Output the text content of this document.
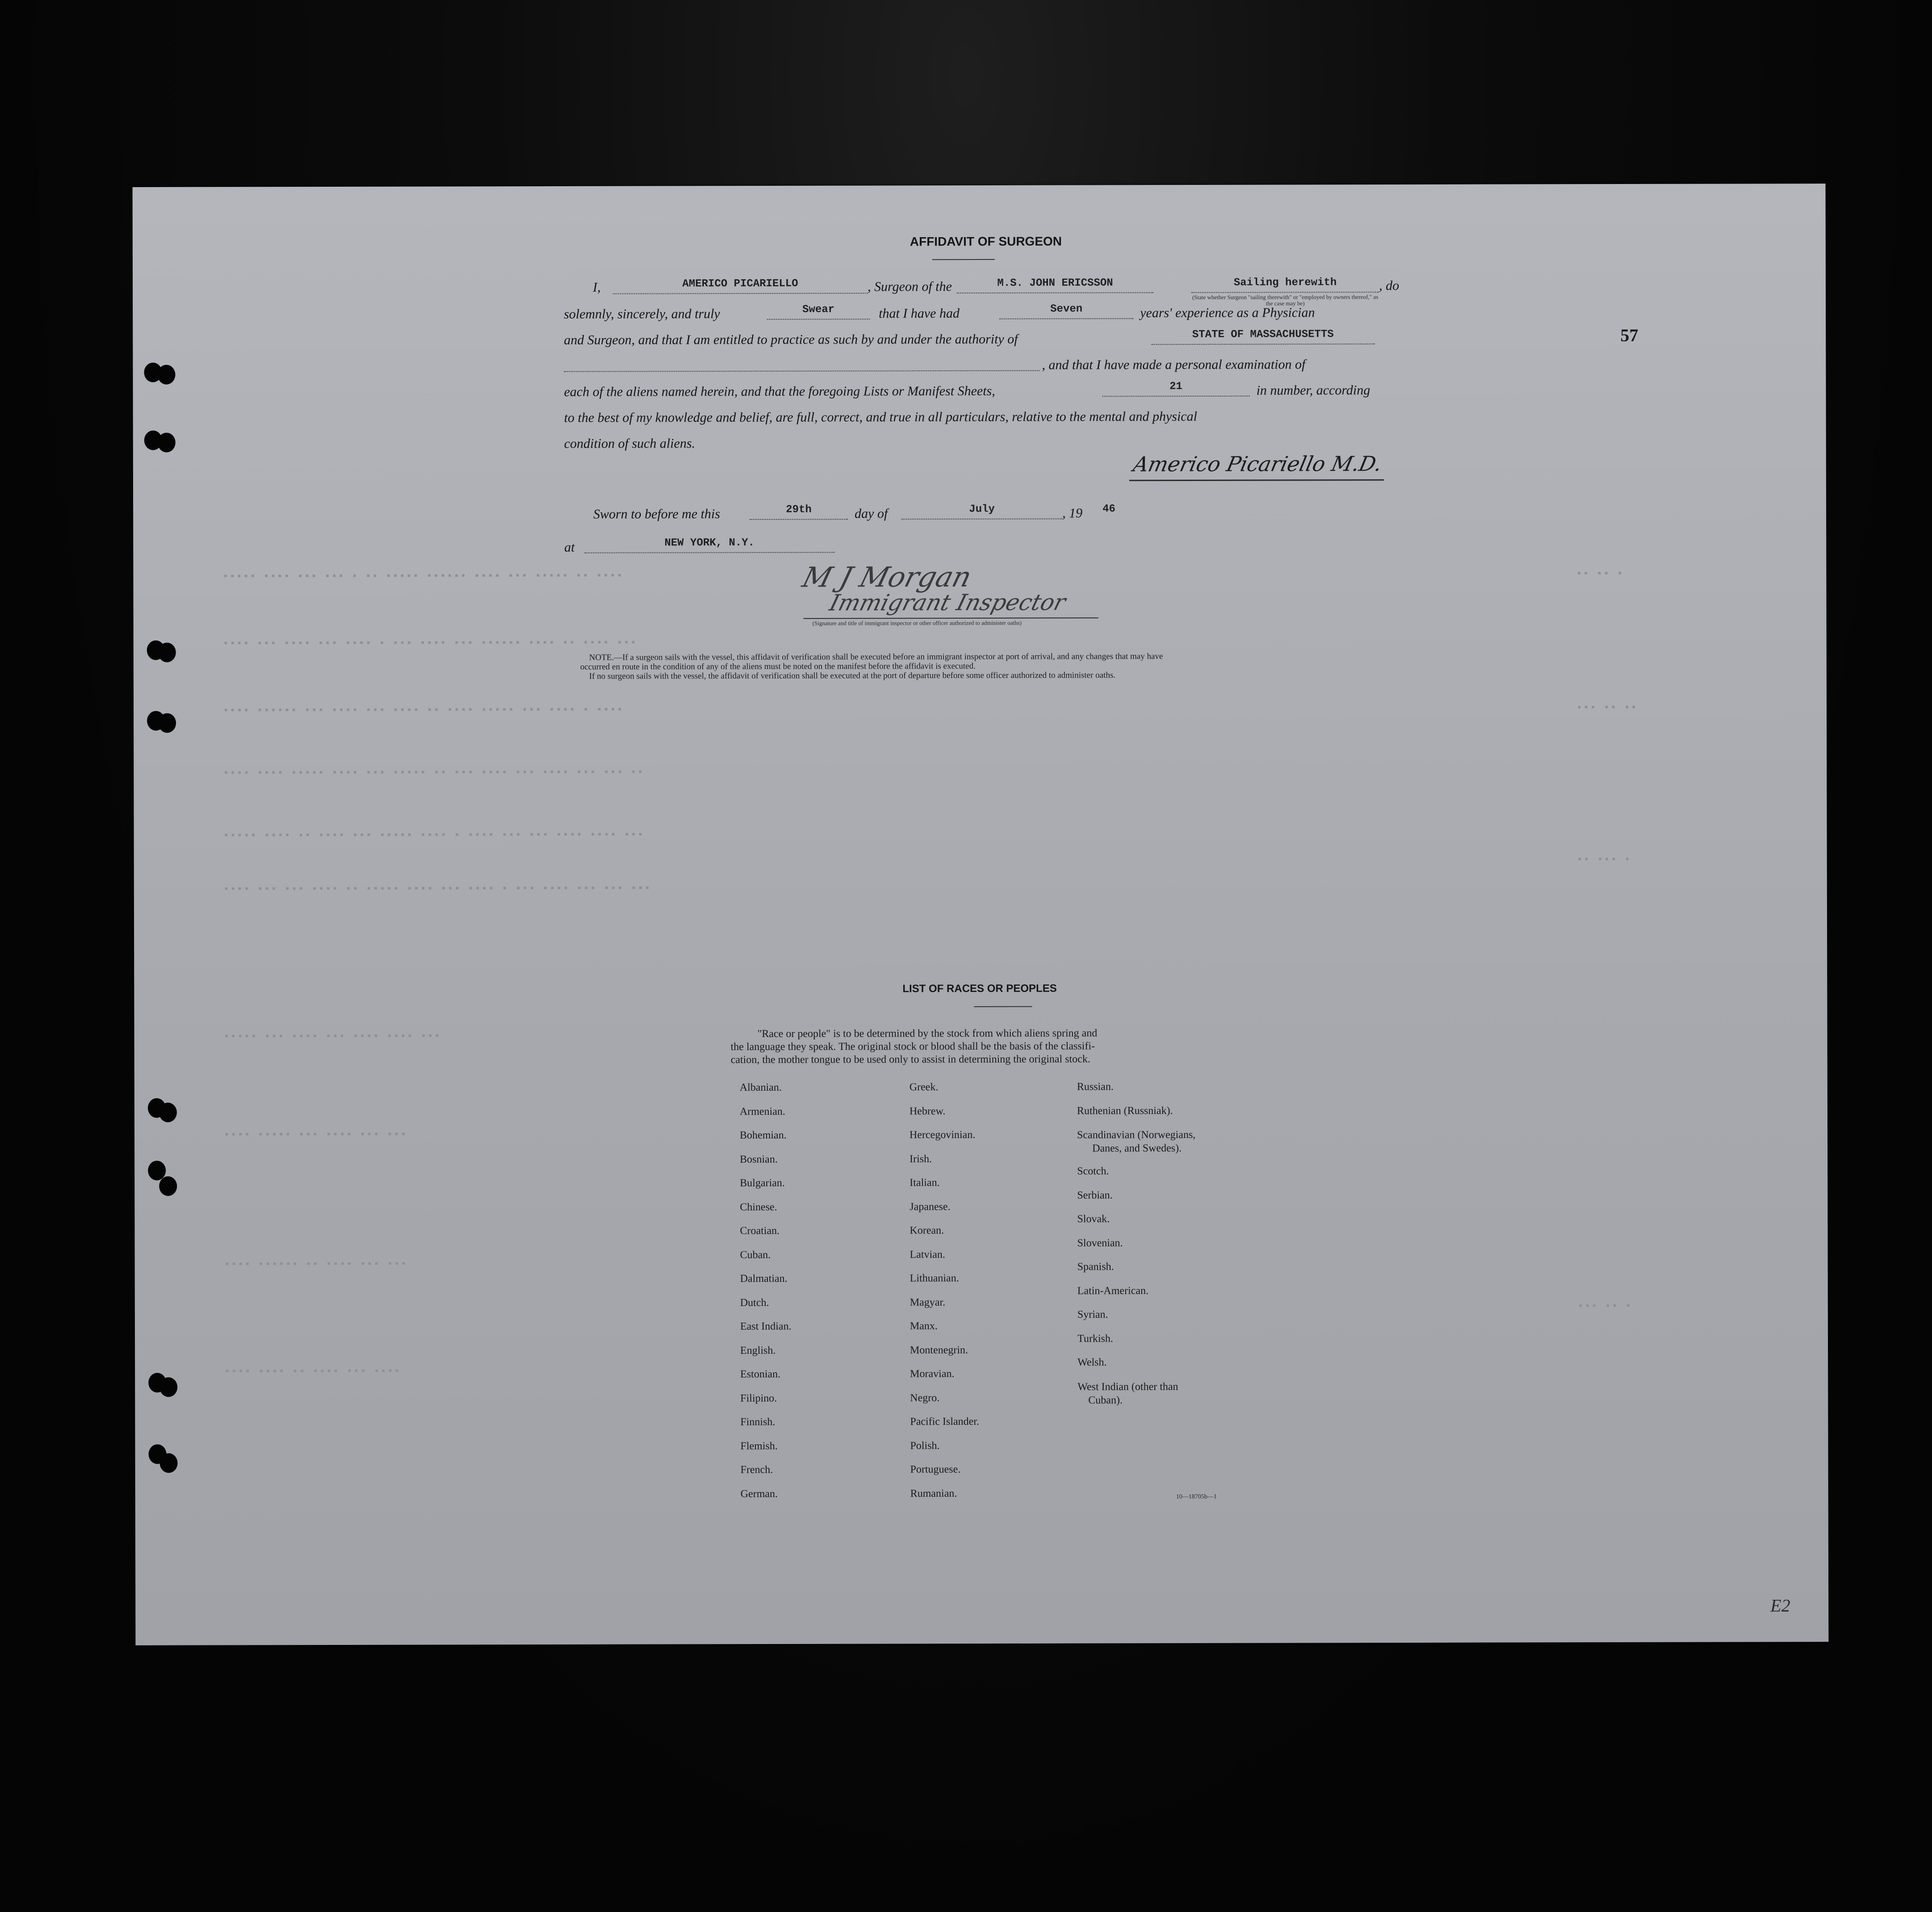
▪▪▪▪▪ ▪▪▪▪ ▪▪▪ ▪▪▪ ▪ ▪▪ ▪▪▪▪▪ ▪▪▪▪▪▪ ▪▪▪▪ ▪▪▪ ▪▪▪▪▪ ▪▪ ▪▪▪▪
▪▪▪▪ ▪▪▪ ▪▪▪▪ ▪▪▪ ▪▪▪▪ ▪ ▪▪▪ ▪▪▪▪ ▪▪▪ ▪▪▪▪▪▪ ▪▪▪▪ ▪▪ ▪▪▪▪ ▪▪▪
▪▪▪▪ ▪▪▪▪▪▪ ▪▪▪ ▪▪▪▪ ▪▪▪ ▪▪▪▪ ▪▪ ▪▪▪▪ ▪▪▪▪▪ ▪▪▪ ▪▪▪▪ ▪ ▪▪▪▪
▪▪▪▪ ▪▪▪▪ ▪▪▪▪▪ ▪▪▪▪ ▪▪▪ ▪▪▪▪▪ ▪▪ ▪▪▪ ▪▪▪▪ ▪▪▪ ▪▪▪▪ ▪▪▪ ▪▪▪ ▪▪
▪▪▪▪▪ ▪▪▪▪ ▪▪ ▪▪▪▪ ▪▪▪ ▪▪▪▪▪ ▪▪▪▪ ▪ ▪▪▪▪ ▪▪▪ ▪▪▪ ▪▪▪▪ ▪▪▪▪ ▪▪▪
▪▪▪▪ ▪▪▪ ▪▪▪ ▪▪▪▪ ▪▪ ▪▪▪▪▪ ▪▪▪▪ ▪▪▪ ▪▪▪▪ ▪ ▪▪▪ ▪▪▪▪ ▪▪▪ ▪▪▪ ▪▪▪
▪▪▪▪▪ ▪▪▪ ▪▪▪▪ ▪▪▪ ▪▪▪▪ ▪▪▪▪ ▪▪▪
▪▪▪▪ ▪▪▪▪▪ ▪▪▪ ▪▪▪▪ ▪▪▪ ▪▪▪
▪▪▪▪ ▪▪▪▪▪▪ ▪▪ ▪▪▪▪ ▪▪▪ ▪▪▪
▪▪▪▪ ▪▪▪▪ ▪▪ ▪▪▪▪ ▪▪▪ ▪▪▪▪
▪▪ ▪▪ ▪
▪▪▪ ▪▪ ▪▪
▪▪ ▪▪▪ ▪
▪▪▪ ▪▪ ▪
57
AFFIDAVIT OF SURGEON
I,	AMERICO PICARIELLO	, Surgeon of the	M.S. JOHN ERICSSON	Sailing herewith	, do
(State whether Surgeon "sailing therewith" or "employed by owners thereof," as the case may be)
solemnly, sincerely, and truly	Swear	that I have had	Seven	years' experience as a Physician
and Surgeon, and that I am entitled to practice as such by and under the authority of	STATE OF MASSACHUSETTS
, and that I have made a personal examination of
each of the aliens named herein, and that the foregoing Lists or Manifest Sheets,	21	in number, according
to the best of my knowledge and belief, are full, correct, and true in all particulars, relative to the mental and physical
condition of such aliens.
Americo Picariello M.D.
Sworn to before me this	29th	day of	July	, 19 46
at	NEW YORK, N.Y.
M J Morgan
Immigrant Inspector
(Signature and title of immigrant inspector or other officer authorized to administer oaths)
NOTE.—If a surgeon sails with the vessel, this affidavit of verification shall be executed before an immigrant inspector at port of arrival, and any changes that may have
occurred en route in the condition of any of the aliens must be noted on the manifest before the affidavit is executed.
If no surgeon sails with the vessel, the affidavit of verification shall be executed at the port of departure before some officer authorized to administer oaths.
LIST OF RACES OR PEOPLES
"Race or people" is to be determined by the stock from which aliens spring and
the language they speak. The original stock or blood shall be the basis of the classifi-
cation, the mother tongue to be used only to assist in determining the original stock.
Albanian.
Armenian.
Bohemian.
Bosnian.
Bulgarian.
Chinese.
Croatian.
Cuban.
Dalmatian.
Dutch.
East Indian.
English.
Estonian.
Filipino.
Finnish.
Flemish.
French.
German.
Greek.
Hebrew.
Hercegovinian.
Irish.
Italian.
Japanese.
Korean.
Latvian.
Lithuanian.
Magyar.
Manx.
Montenegrin.
Moravian.
Negro.
Pacific Islander.
Polish.
Portuguese.
Rumanian.
Russian.
Ruthenian (Russniak).
Scandinavian (Norwegians,
Danes, and Swedes).
Scotch.
Serbian.
Slovak.
Slovenian.
Spanish.
Latin-American.
Syrian.
Turkish.
Welsh.
West Indian (other than
Cuban).
10—18705b—1
E2
